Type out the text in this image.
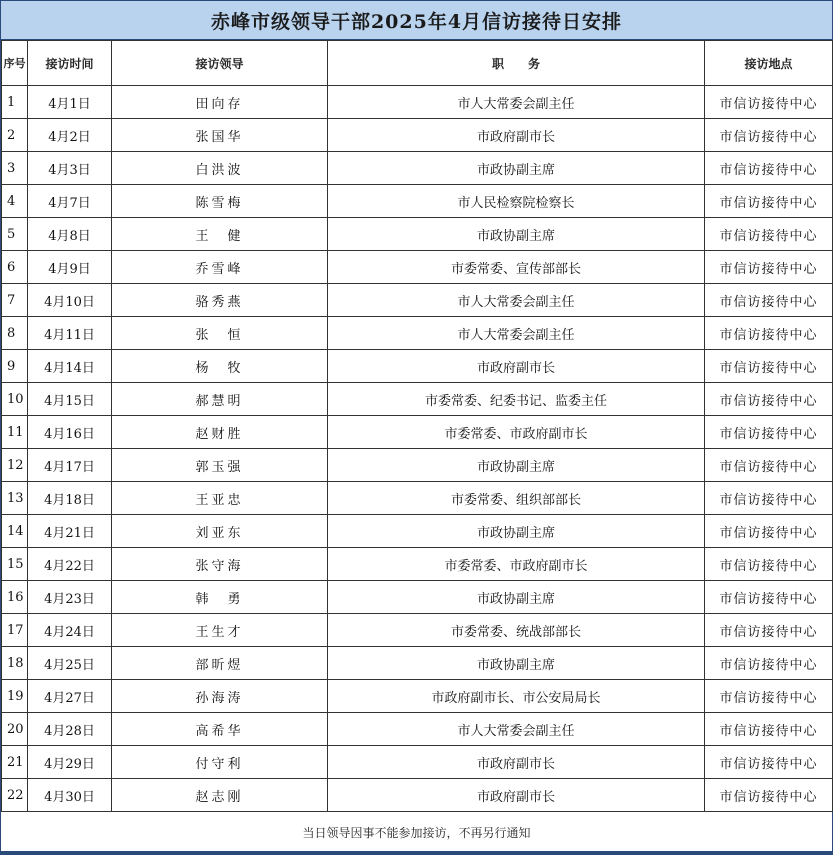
赤峰市级领导干部2025年4月信访接待日安排
序号	接访时间	接访领导	职　　务	接访地点
1	4月1日	田向存	市人大常委会副主任	市信访接待中心
2	4月2日	张国华	市政府副市长	市信访接待中心
3	4月3日	白洪波	市政协副主席	市信访接待中心
4	4月7日	陈雪梅	市人民检察院检察长	市信访接待中心
5	4月8日	王　健	市政协副主席	市信访接待中心
6	4月9日	乔雪峰	市委常委、宣传部部长	市信访接待中心
7	4月10日	骆秀燕	市人大常委会副主任	市信访接待中心
8	4月11日	张　恒	市人大常委会副主任	市信访接待中心
9	4月14日	杨　牧	市政府副市长	市信访接待中心
10	4月15日	郝慧明	市委常委、纪委书记、监委主任	市信访接待中心
11	4月16日	赵财胜	市委常委、市政府副市长	市信访接待中心
12	4月17日	郭玉强	市政协副主席	市信访接待中心
13	4月18日	王亚忠	市委常委、组织部部长	市信访接待中心
14	4月21日	刘亚东	市政协副主席	市信访接待中心
15	4月22日	张守海	市委常委、市政府副市长	市信访接待中心
16	4月23日	韩　勇	市政协副主席	市信访接待中心
17	4月24日	王生才	市委常委、统战部部长	市信访接待中心
18	4月25日	部昕煜	市政协副主席	市信访接待中心
19	4月27日	孙海涛	市政府副市长、市公安局局长	市信访接待中心
20	4月28日	高希华	市人大常委会副主任	市信访接待中心
21	4月29日	付守利	市政府副市长	市信访接待中心
22	4月30日	赵志刚	市政府副市长	市信访接待中心
当日领导因事不能参加接访，不再另行通知
